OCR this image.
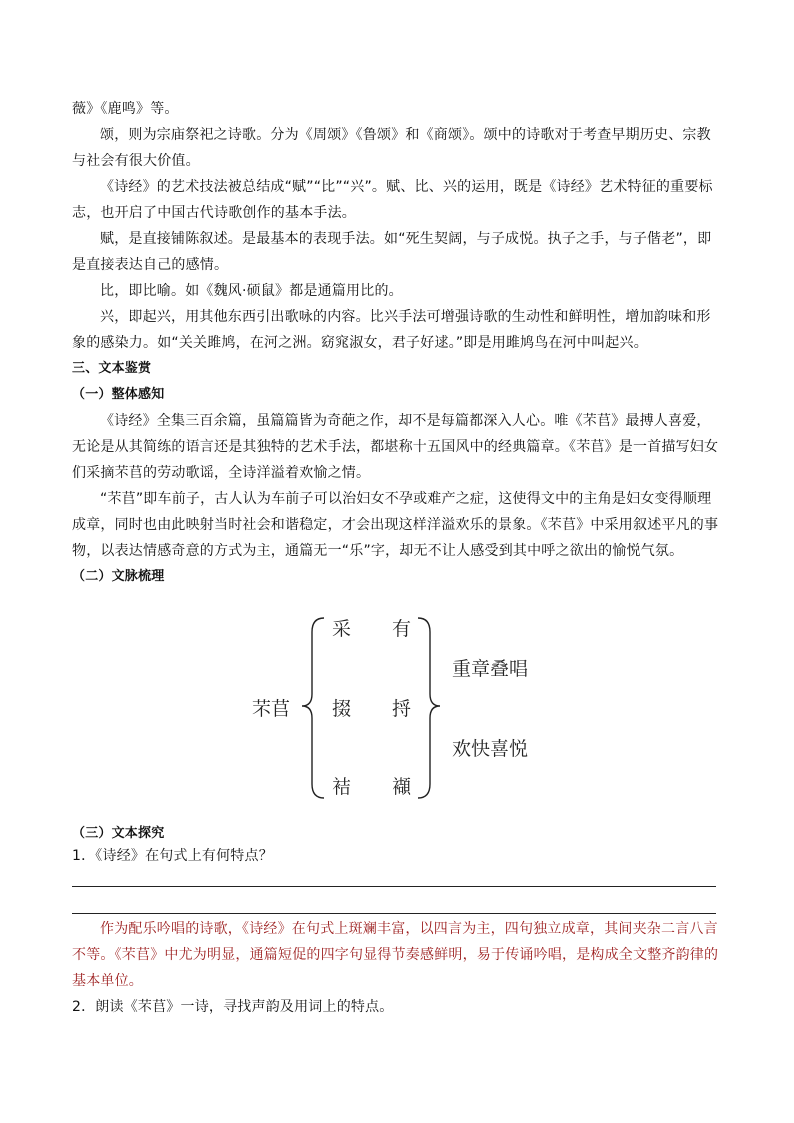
薇》《鹿鸣》等。

颂，则为宗庙祭祀之诗歌。分为《周颂》《鲁颂》和《商颂》。颂中的诗歌对于考查早期历史、宗教与社会有很大价值。

《诗经》的艺术技法被总结成“赋”“比”“兴”。赋、比、兴的运用，既是《诗经》艺术特征的重要标志，也开启了中国古代诗歌创作的基本手法。

赋，是直接铺陈叙述。是最基本的表现手法。如“死生契阔，与子成悦。执子之手，与子偕老”，即是直接表达自己的感情。

比，即比喻。如《魏风·硕鼠》都是通篇用比的。

兴，即起兴，用其他东西引出歌咏的内容。比兴手法可增强诗歌的生动性和鲜明性，增加韵味和形象的感染力。如“关关雎鸠，在河之洲。窈窕淑女，君子好逑。”即是用雎鸠鸟在河中叫起兴。

三、文本鉴赏

（一）整体感知

《诗经》全集三百余篇，虽篇篇皆为奇葩之作，却不是每篇都深入人心。唯《芣苢》最搏人喜爱，无论是从其简练的语言还是其独特的艺术手法，都堪称十五国风中的经典篇章。《芣苢》是一首描写妇女们采摘芣苢的劳动歌谣，全诗洋溢着欢愉之情。

“芣苢”即车前子，古人认为车前子可以治妇女不孕或难产之症，这使得文中的主角是妇女变得顺理成章，同时也由此映射当时社会和谐稳定，才会出现这样洋溢欢乐的景象。《芣苢》中采用叙述平凡的事物，以表达情感奇意的方式为主，通篇无一“乐”字，却无不让人感受到其中呼之欲出的愉悦气氛。

（二）文脉梳理

芣苢
采
掇
袺
有
捋
襭
重章叠唱
欢快喜悦

（三）文本探究

1．《诗经》在句式上有何特点？

作为配乐吟唱的诗歌，《诗经》在句式上斑斓丰富，以四言为主，四句独立成章，其间夹杂二言八言不等。《芣苢》中尤为明显，通篇短促的四字句显得节奏感鲜明，易于传诵吟唱，是构成全文整齐韵律的基本单位。

2．朗读《芣苢》一诗，寻找声韵及用词上的特点。
